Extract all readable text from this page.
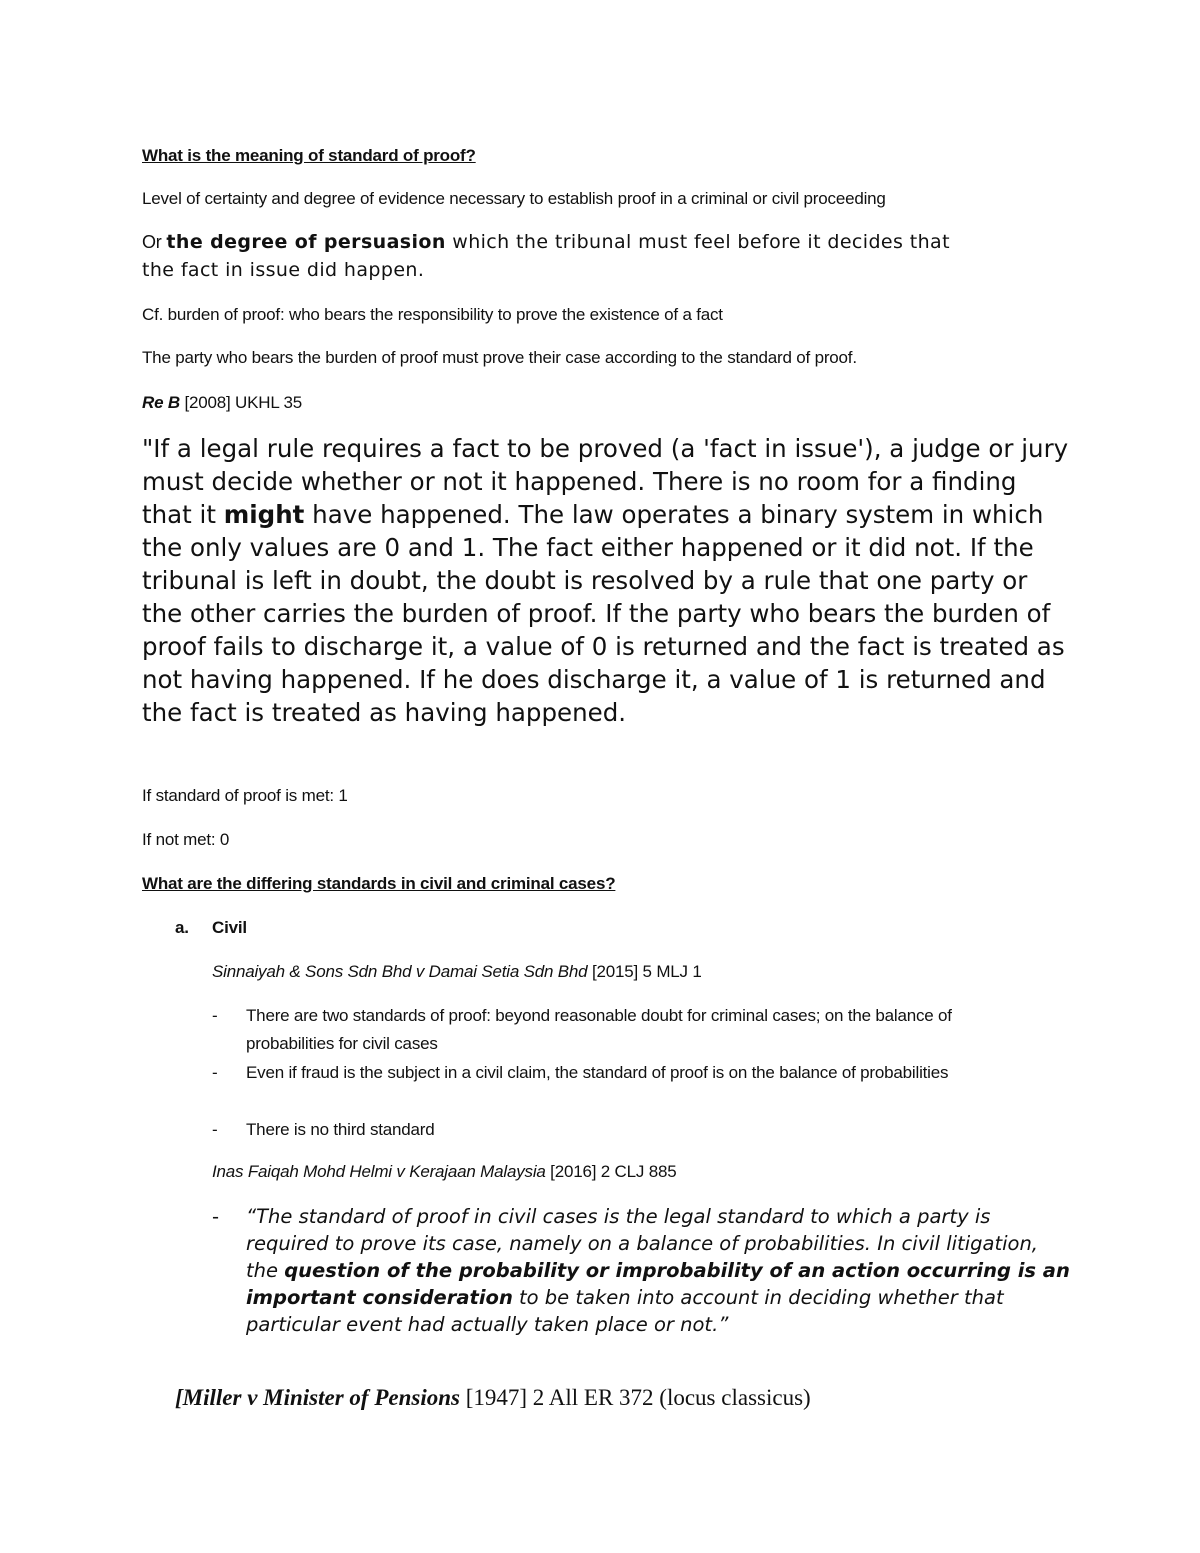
What is the meaning of standard of proof?
Level of certainty and degree of evidence necessary to establish proof in a criminal or civil proceeding
Or the degree of persuasion which the tribunal must feel before it decides that
the fact in issue did happen.
Cf. burden of proof: who bears the responsibility to prove the existence of a fact
The party who bears the burden of proof must prove their case according to the standard of proof.
Re B [2008] UKHL 35
"If a legal rule requires a fact to be proved (a 'fact in issue'), a judge or jury must decide whether or not it happened. There is no room for a finding that it might have happened. The law operates a binary system in which the only values are 0 and 1. The fact either happened or it did not. If the tribunal is left in doubt, the doubt is resolved by a rule that one party or the other carries the burden of proof. If the party who bears the burden of proof fails to discharge it, a value of 0 is returned and the fact is treated as not having happened. If he does discharge it, a value of 1 is returned and the fact is treated as having happened.
If standard of proof is met: 1
If not met: 0
What are the differing standards in civil and criminal cases?
a. Civil
Sinnaiyah & Sons Sdn Bhd v Damai Setia Sdn Bhd [2015] 5 MLJ 1
- There are two standards of proof: beyond reasonable doubt for criminal cases; on the balance of probabilities for civil cases
- Even if fraud is the subject in a civil claim, the standard of proof is on the balance of probabilities
- There is no third standard
Inas Faiqah Mohd Helmi v Kerajaan Malaysia [2016] 2 CLJ 885
- “The standard of proof in civil cases is the legal standard to which a party is required to prove its case, namely on a balance of probabilities. In civil litigation, the question of the probability or improbability of an action occurring is an important consideration to be taken into account in deciding whether that particular event had actually taken place or not.”
[Miller v Minister of Pensions [1947] 2 All ER 372 (locus classicus)
